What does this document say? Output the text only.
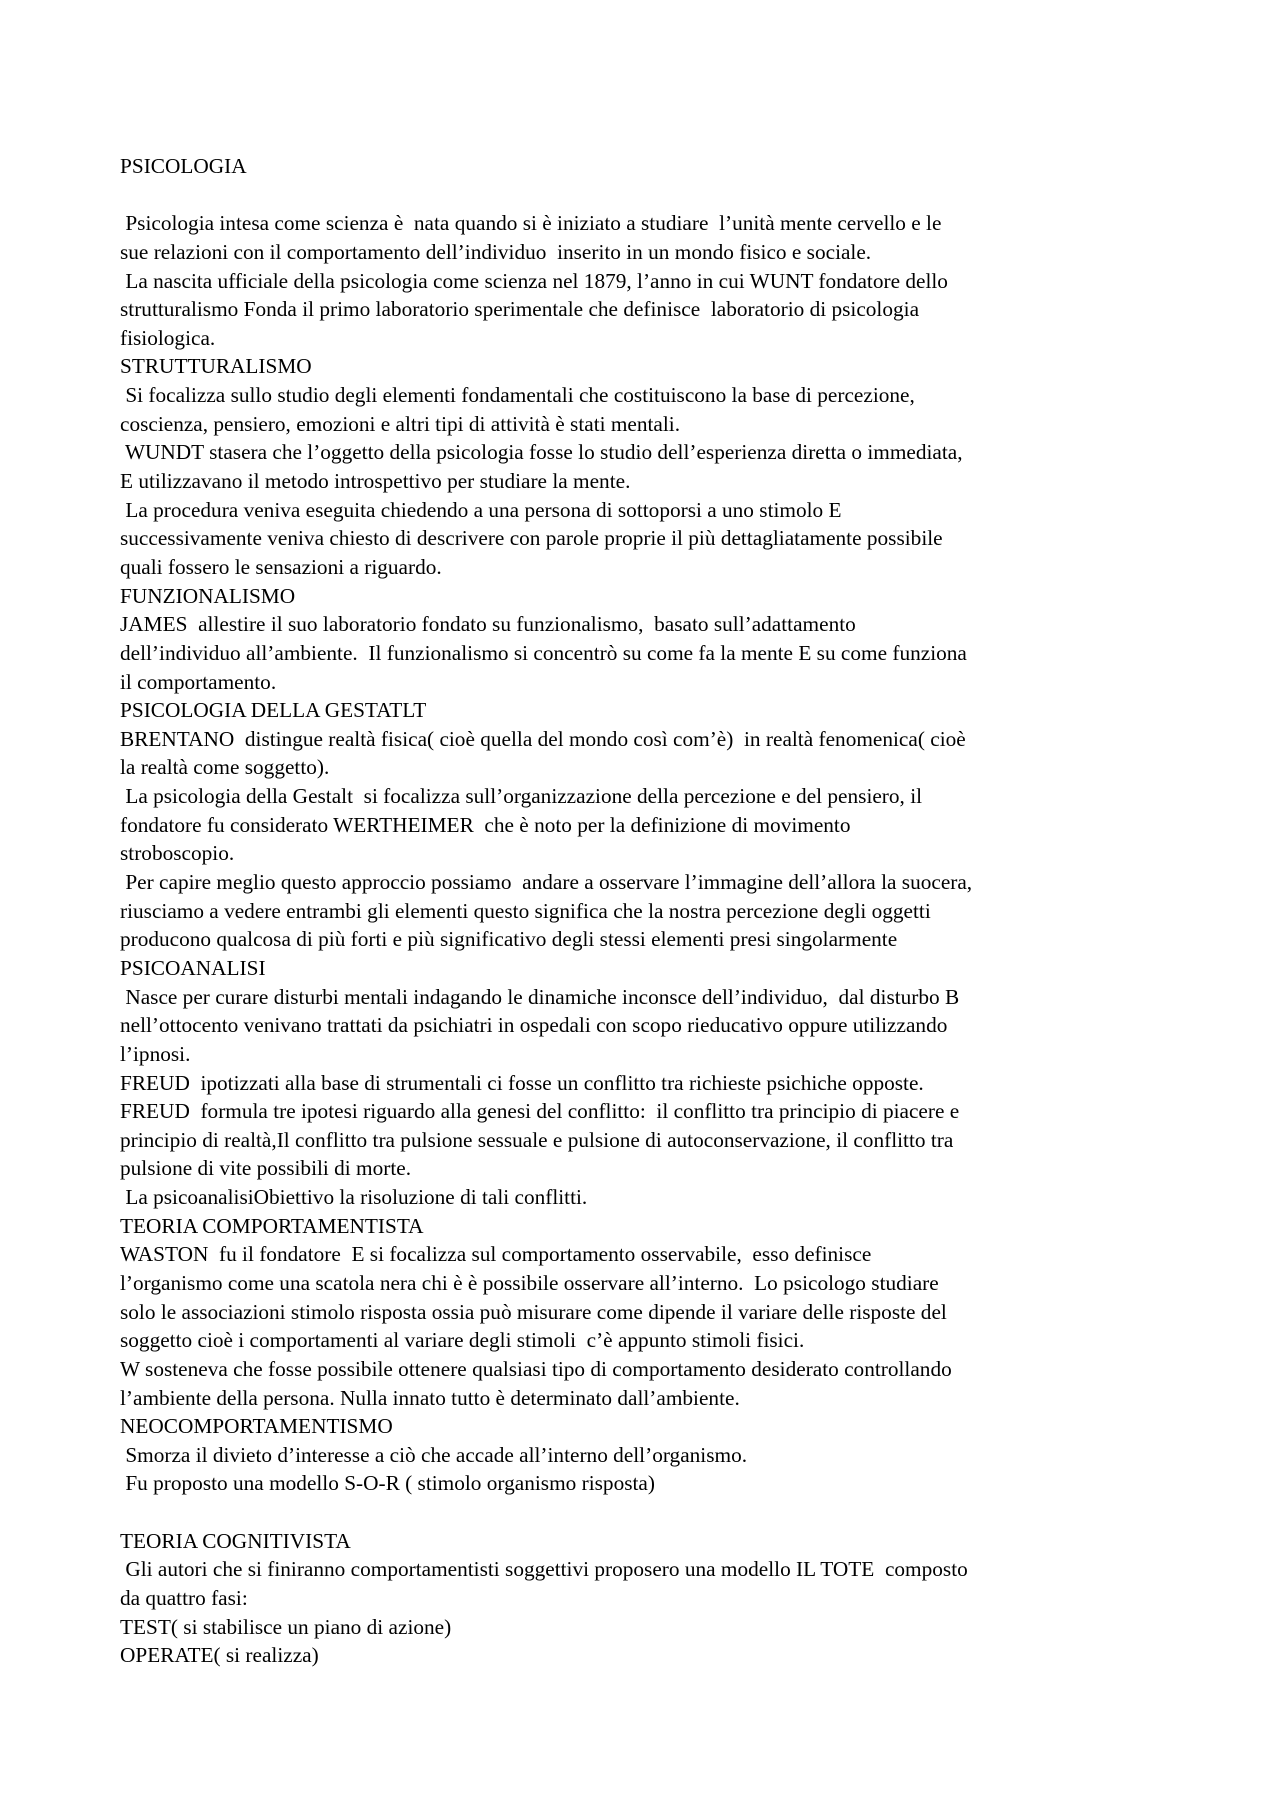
PSICOLOGIA
Psicologia intesa come scienza è  nata quando si è iniziato a studiare  l’unità mente cervello e le
sue relazioni con il comportamento dell’individuo  inserito in un mondo fisico e sociale.
La nascita ufficiale della psicologia come scienza nel 1879, l’anno in cui WUNT fondatore dello
strutturalismo Fonda il primo laboratorio sperimentale che definisce  laboratorio di psicologia
fisiologica.
STRUTTURALISMO
Si focalizza sullo studio degli elementi fondamentali che costituiscono la base di percezione,
coscienza, pensiero, emozioni e altri tipi di attività è stati mentali.
WUNDT stasera che l’oggetto della psicologia fosse lo studio dell’esperienza diretta o immediata,
E utilizzavano il metodo introspettivo per studiare la mente.
La procedura veniva eseguita chiedendo a una persona di sottoporsi a uno stimolo E
successivamente veniva chiesto di descrivere con parole proprie il più dettagliatamente possibile
quali fossero le sensazioni a riguardo.
FUNZIONALISMO
JAMES  allestire il suo laboratorio fondato su funzionalismo,  basato sull’adattamento
dell’individuo all’ambiente.  Il funzionalismo si concentrò su come fa la mente E su come funziona
il comportamento.
PSICOLOGIA DELLA GESTATLT
BRENTANO  distingue realtà fisica( cioè quella del mondo così com’è)  in realtà fenomenica( cioè
la realtà come soggetto).
La psicologia della Gestalt  si focalizza sull’organizzazione della percezione e del pensiero, il
fondatore fu considerato WERTHEIMER  che è noto per la definizione di movimento
stroboscopio.
Per capire meglio questo approccio possiamo  andare a osservare l’immagine dell’allora la suocera,
riusciamo a vedere entrambi gli elementi questo significa che la nostra percezione degli oggetti
producono qualcosa di più forti e più significativo degli stessi elementi presi singolarmente
PSICOANALISI
Nasce per curare disturbi mentali indagando le dinamiche inconsce dell’individuo,  dal disturbo B
nell’ottocento venivano trattati da psichiatri in ospedali con scopo rieducativo oppure utilizzando
l’ipnosi.
FREUD  ipotizzati alla base di strumentali ci fosse un conflitto tra richieste psichiche opposte.
FREUD  formula tre ipotesi riguardo alla genesi del conflitto:  il conflitto tra principio di piacere e
principio di realtà,Il conflitto tra pulsione sessuale e pulsione di autoconservazione, il conflitto tra
pulsione di vite possibili di morte.
La psicoanalisiObiettivo la risoluzione di tali conflitti.
TEORIA COMPORTAMENTISTA
WASTON  fu il fondatore  E si focalizza sul comportamento osservabile,  esso definisce
l’organismo come una scatola nera chi è è possibile osservare all’interno.  Lo psicologo studiare
solo le associazioni stimolo risposta ossia può misurare come dipende il variare delle risposte del
soggetto cioè i comportamenti al variare degli stimoli  c’è appunto stimoli fisici.
W sosteneva che fosse possibile ottenere qualsiasi tipo di comportamento desiderato controllando
l’ambiente della persona. Nulla innato tutto è determinato dall’ambiente.
NEOCOMPORTAMENTISMO
Smorza il divieto d’interesse a ciò che accade all’interno dell’organismo.
Fu proposto una modello S-O-R ( stimolo organismo risposta)
TEORIA COGNITIVISTA
Gli autori che si finiranno comportamentisti soggettivi proposero una modello IL TOTE  composto
da quattro fasi:
TEST( si stabilisce un piano di azione)
OPERATE( si realizza)
